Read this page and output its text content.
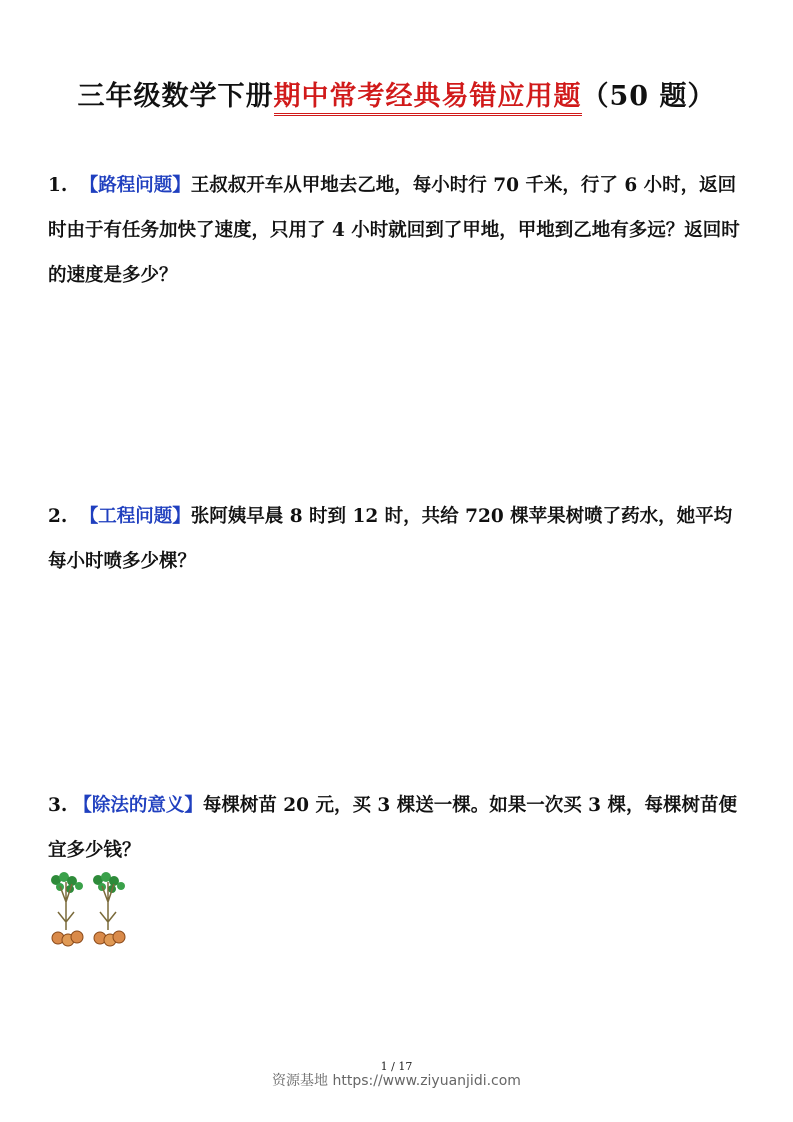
三年级数学下册期中常考经典易错应用题（50 题）
1. 【路程问题】王叔叔开车从甲地去乙地，每小时行 70 千米，行了 6 小时，返回时由于有任务加快了速度，只用了 4 小时就回到了甲地，甲地到乙地有多远？返回时的速度是多少？
2. 【工程问题】张阿姨早晨 8 时到 12 时，共给 720 棵苹果树喷了药水，她平均每小时喷多少棵？
3. 【除法的意义】每棵树苗 20 元，买 3 棵送一棵。如果一次买 3 棵，每棵树苗便宜多少钱？
1 / 17
资源基地 https://www.ziyuanjidi.com
